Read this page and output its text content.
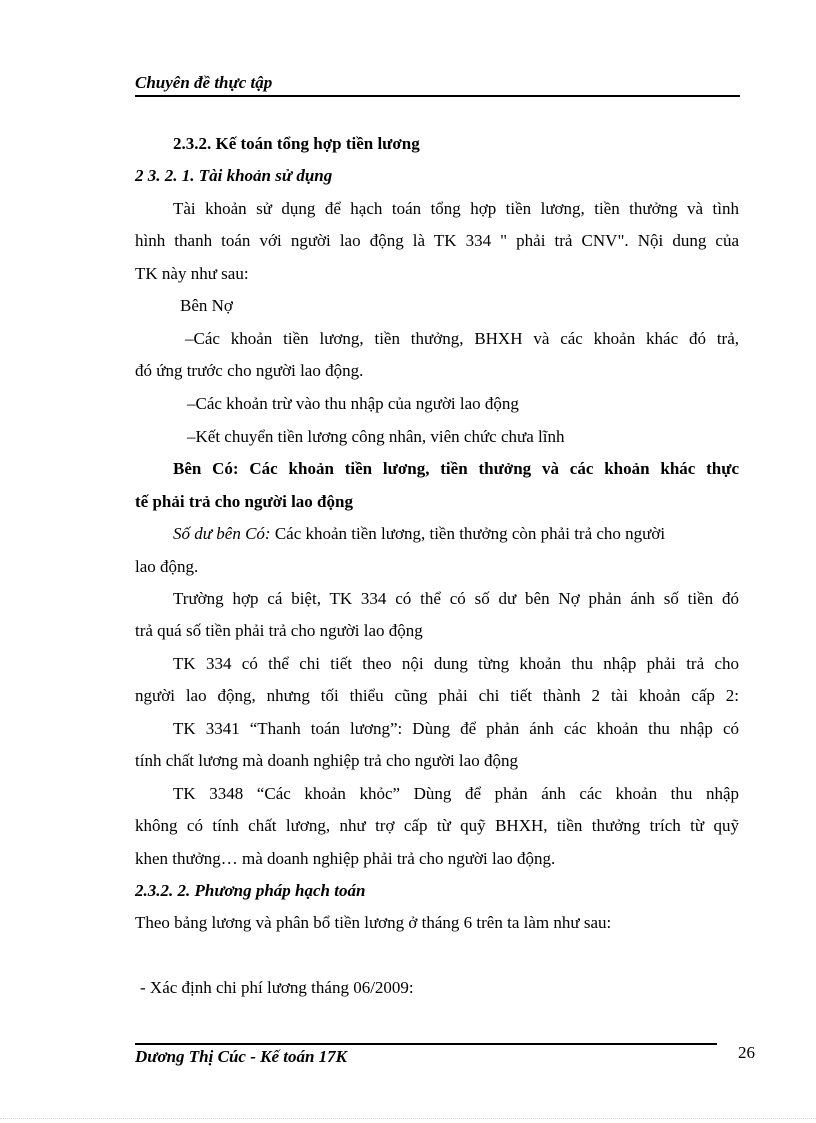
Chuyên đề thực tập
2.3.2. Kế toán tổng hợp tiền lương
2 3. 2. 1. Tài khoản sử dụng
Tài khoản sử dụng để hạch toán tổng hợp tiền lương, tiền thưởng và tình
hình thanh toán với người lao động là TK 334 " phải trả CNV". Nội dung của
TK này như sau:
Bên Nợ
–Các khoản tiền lương, tiền thưởng, BHXH và các khoản khác đó trả,
đó ứng trước cho người lao động.
–Các khoản trừ vào thu nhập của người lao động
–Kết chuyển tiền lương công nhân, viên chức chưa lĩnh
Bên Có: Các khoản tiền lương, tiền thưởng và các khoản khác thực
tế phải trả cho người lao động
Số dư bên Có: Các khoản tiền lương, tiền thưởng còn phải trả cho người
lao động.
Trường hợp cá biệt, TK 334 có thể có số dư bên Nợ phản ánh số tiền đó
trả quá số tiền phải trả cho người lao động
TK 334 có thể chi tiết theo nội dung từng khoản thu nhập phải trả cho
người lao động, nhưng tối thiểu cũng phải chi tiết thành 2 tài khoản cấp 2:
TK 3341 “Thanh toán lương”: Dùng để phản ánh các khoản thu nhập có
tính chất lương mà doanh nghiệp trả cho người lao động
TK 3348 “Các khoản khỏc” Dùng để phản ánh các khoản thu nhập
không có tính chất lương, như trợ cấp từ quỹ BHXH, tiền thưởng trích từ quỹ
khen thưởng… mà doanh nghiệp phải trả cho người lao động.
2.3.2. 2. Phương pháp hạch toán
Theo bảng lương và phân bổ tiền lương ở tháng 6 trên ta làm như sau:
- Xác định chi phí lương tháng 06/2009:
Dương Thị Cúc - Kế toán 17K	26
